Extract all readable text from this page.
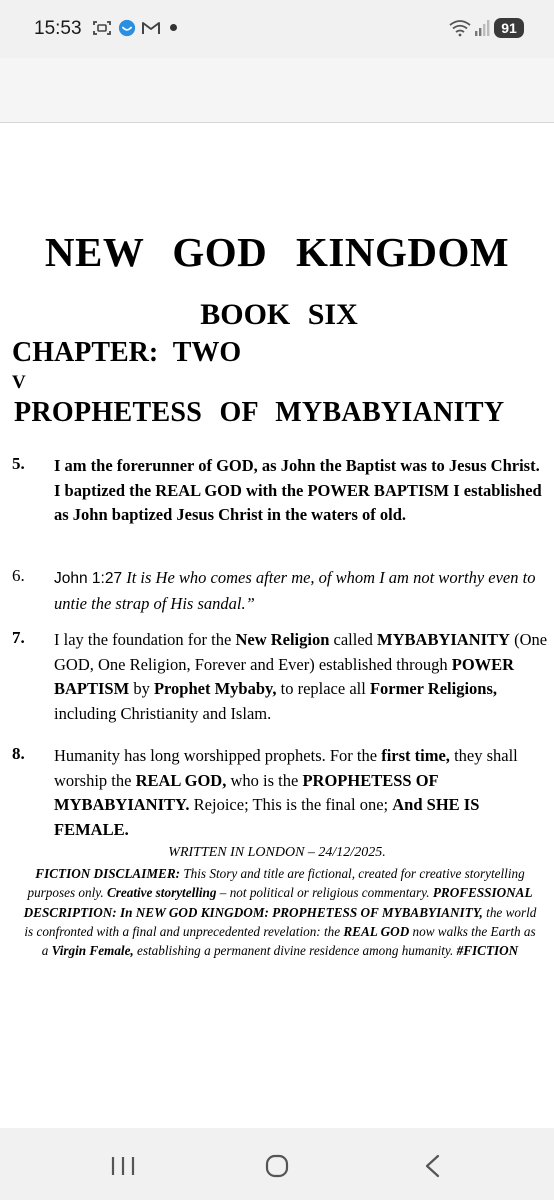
15:53	91
NEW GOD KINGDOM
BOOK SIX
CHAPTER: TWO
V
PROPHETESS OF MYBABYIANITY
5. I am the forerunner of GOD, as John the Baptist was to Jesus Christ. I baptized the REAL GOD with the POWER BAPTISM I established as John baptized Jesus Christ in the waters of old.
6. John 1:27 It is He who comes after me, of whom I am not worthy even to untie the strap of His sandal.”
7. I lay the foundation for the New Religion called MYBABYIANITY (One GOD, One Religion, Forever and Ever) established through POWER BAPTISM by Prophet Mybaby, to replace all Former Religions, including Christianity and Islam.
8. Humanity has long worshipped prophets. For the first time, they shall worship the REAL GOD, who is the PROPHETESS OF MYBABYIANITY. Rejoice; This is the final one; And SHE IS FEMALE.
WRITTEN IN LONDON – 24/12/2025.
FICTION DISCLAIMER: This Story and title are fictional, created for creative storytelling purposes only. Creative storytelling – not political or religious commentary. PROFESSIONAL DESCRIPTION: In NEW GOD KINGDOM: PROPHETESS OF MYBABYIANITY, the world is confronted with a final and unprecedented revelation: the REAL GOD now walks the Earth as a Virgin Female, establishing a permanent divine residence among humanity. #FICTION
